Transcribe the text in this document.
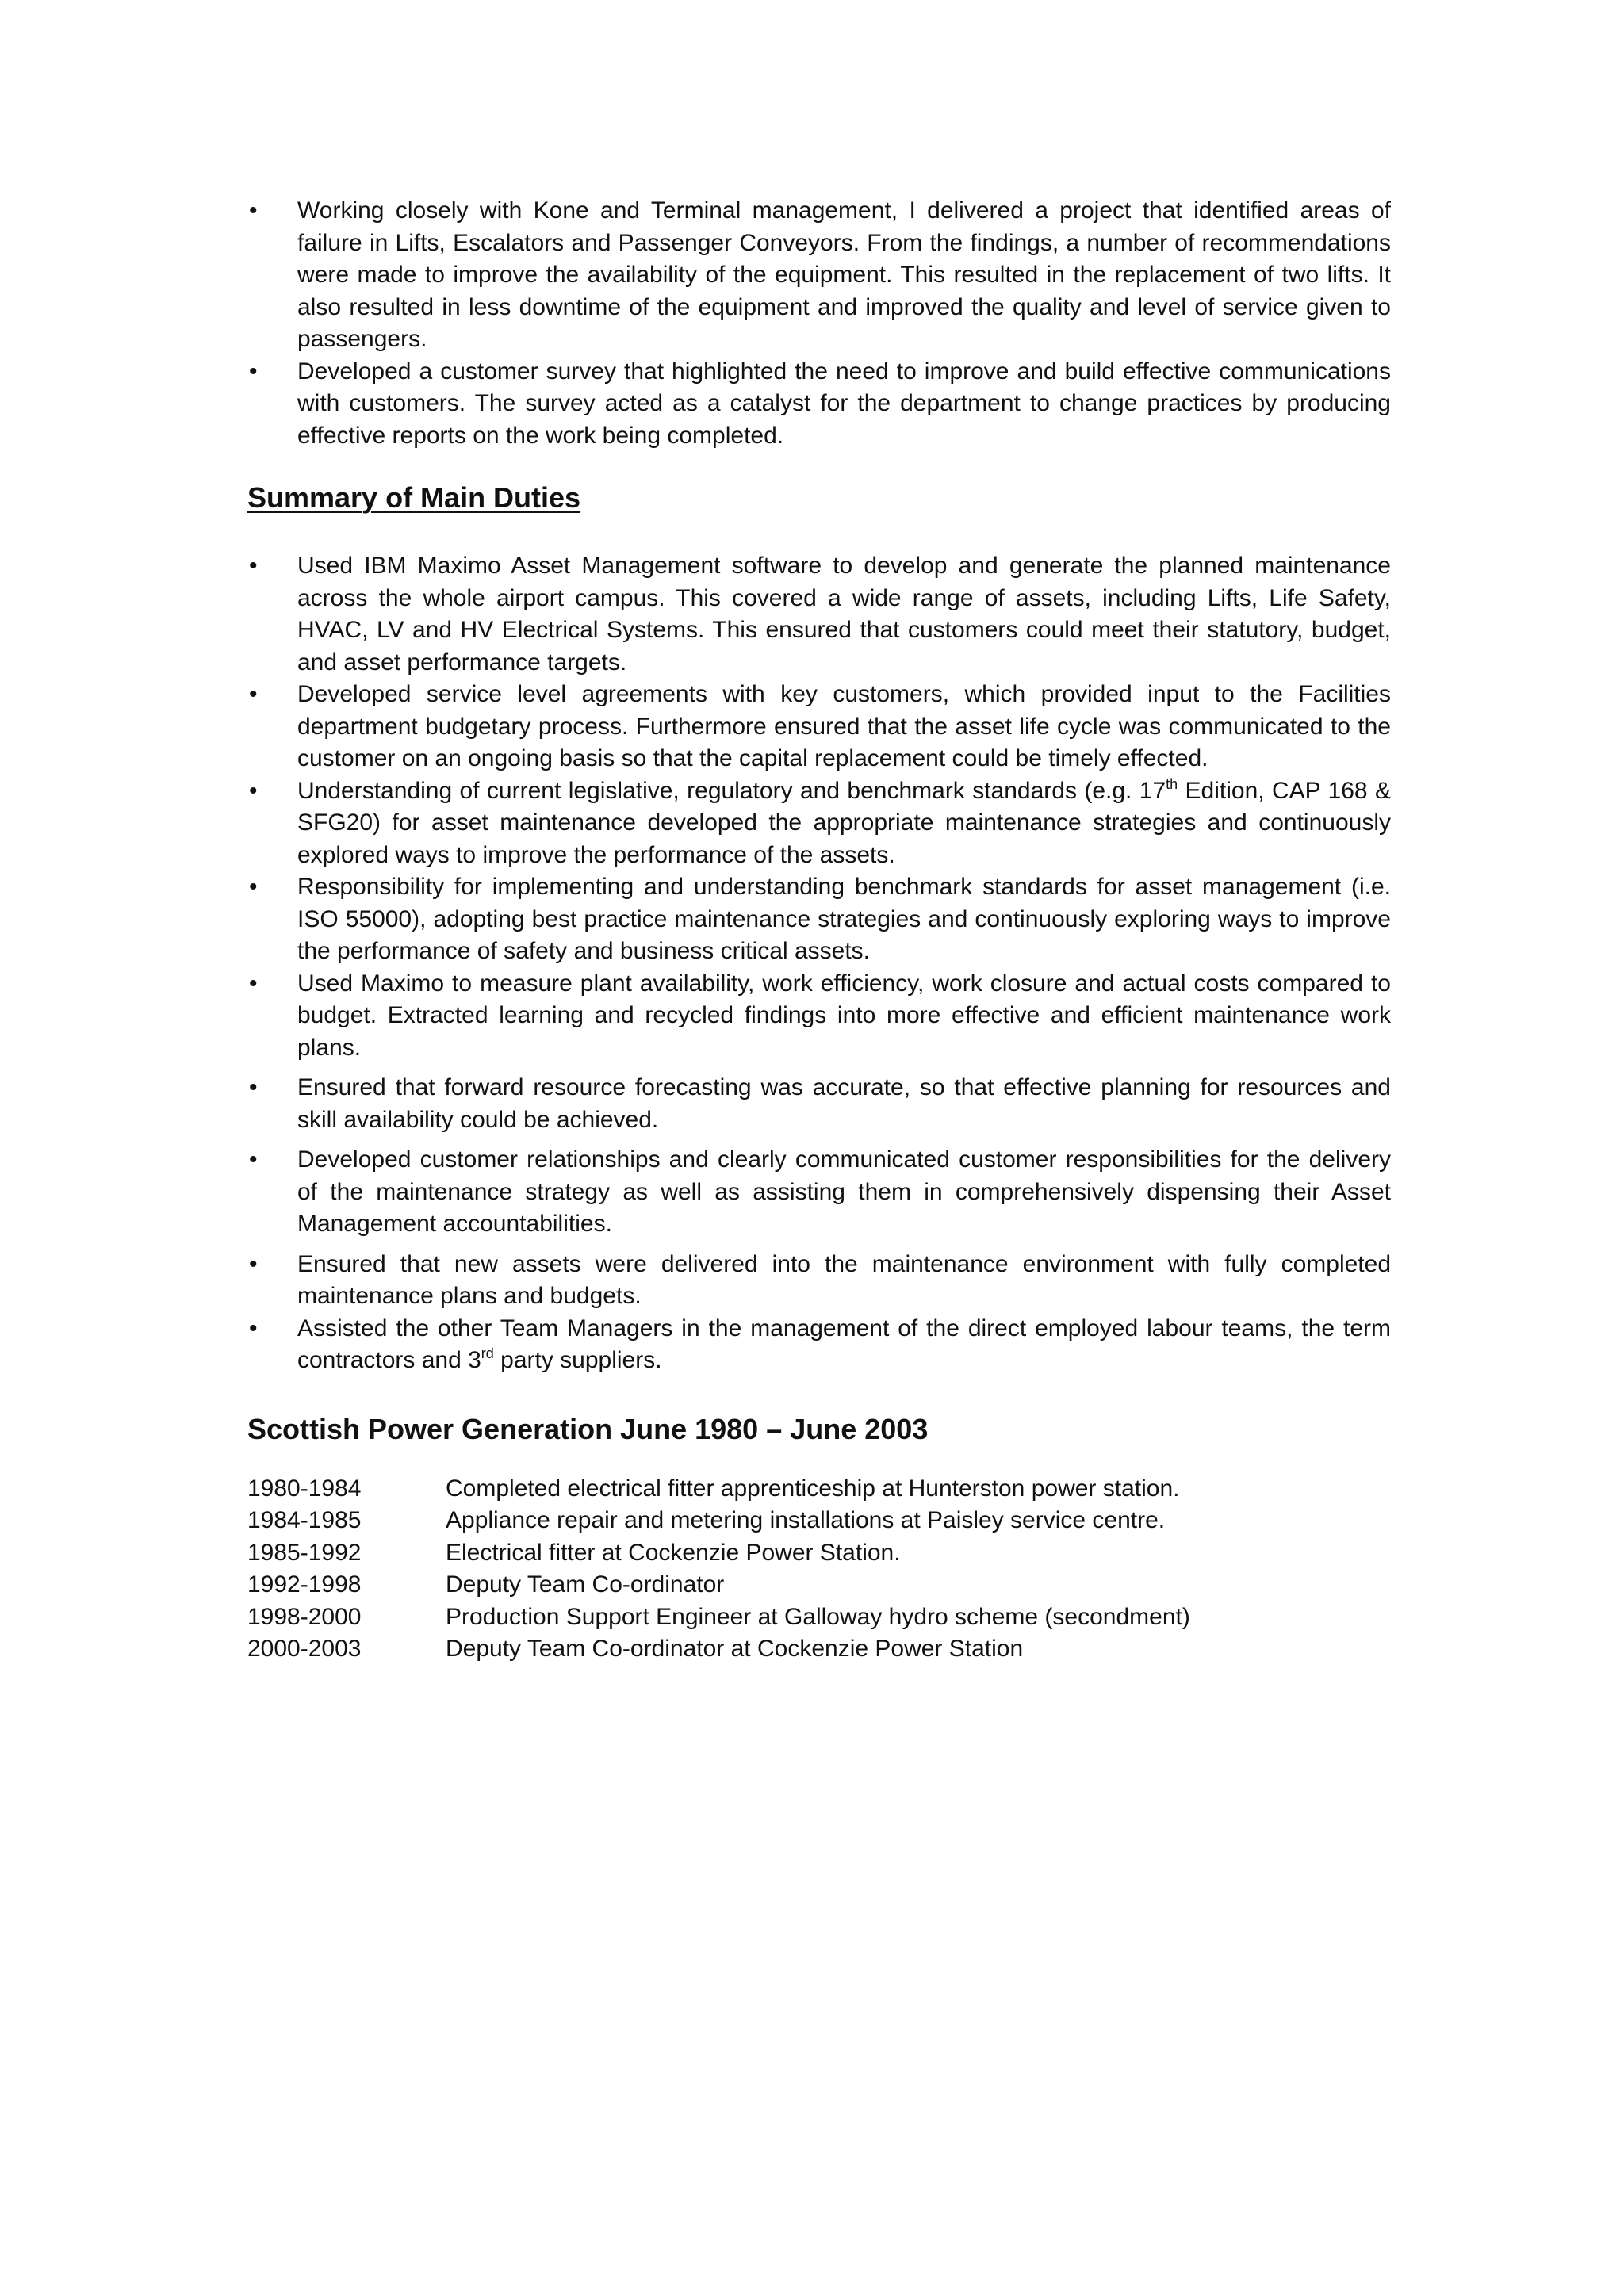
• Working closely with Kone and Terminal management, I delivered a project that identified areas of failure in Lifts, Escalators and Passenger Conveyors. From the findings, a number of recommendations were made to improve the availability of the equipment. This resulted in the replacement of two lifts. It also resulted in less downtime of the equipment and improved the quality and level of service given to passengers.
• Developed a customer survey that highlighted the need to improve and build effective communications with customers. The survey acted as a catalyst for the department to change practices by producing effective reports on the work being completed.
Summary of Main Duties
• Used IBM Maximo Asset Management software to develop and generate the planned maintenance across the whole airport campus. This covered a wide range of assets, including Lifts, Life Safety, HVAC, LV and HV Electrical Systems. This ensured that customers could meet their statutory, budget, and asset performance targets.
• Developed service level agreements with key customers, which provided input to the Facilities department budgetary process. Furthermore ensured that the asset life cycle was communicated to the customer on an ongoing basis so that the capital replacement could be timely effected.
• Understanding of current legislative, regulatory and benchmark standards (e.g. 17th Edition, CAP 168 & SFG20) for asset maintenance developed the appropriate maintenance strategies and continuously explored ways to improve the performance of the assets.
• Responsibility for implementing and understanding benchmark standards for asset management (i.e. ISO 55000), adopting best practice maintenance strategies and continuously exploring ways to improve the performance of safety and business critical assets.
• Used Maximo to measure plant availability, work efficiency, work closure and actual costs compared to budget. Extracted learning and recycled findings into more effective and efficient maintenance work plans.
• Ensured that forward resource forecasting was accurate, so that effective planning for resources and skill availability could be achieved.
• Developed customer relationships and clearly communicated customer responsibilities for the delivery of the maintenance strategy as well as assisting them in comprehensively dispensing their Asset Management accountabilities.
• Ensured that new assets were delivered into the maintenance environment with fully completed maintenance plans and budgets.
• Assisted the other Team Managers in the management of the direct employed labour teams, the term contractors and 3rd party suppliers.
Scottish Power Generation June 1980 – June 2003
1980-1984	Completed electrical fitter apprenticeship at Hunterston power station.
1984-1985	Appliance repair and metering installations at Paisley service centre.
1985-1992	Electrical fitter at Cockenzie Power Station.
1992-1998	Deputy Team Co-ordinator
1998-2000	Production Support Engineer at Galloway hydro scheme (secondment)
2000-2003	Deputy Team Co-ordinator at Cockenzie Power Station
